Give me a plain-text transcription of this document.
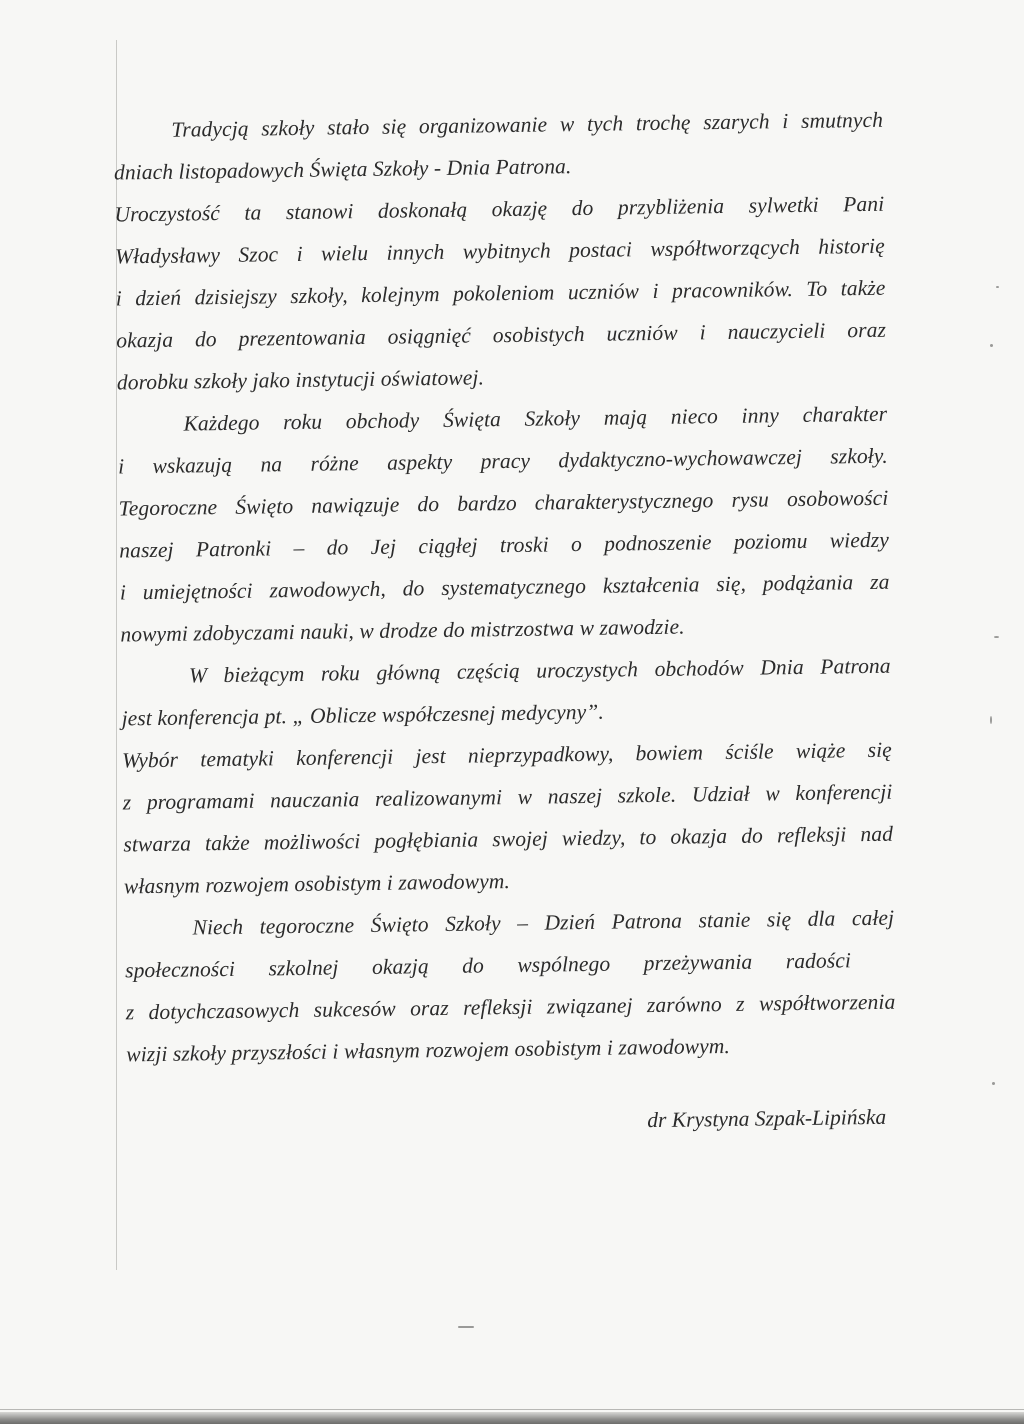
Tradycją szkoły stało się organizowanie w tych trochę szarych i smutnych
dniach listopadowych Święta Szkoły - Dnia Patrona.
Uroczystość ta stanowi doskonałą okazję do przybliżenia sylwetki Pani
Władysławy Szoc i wielu innych wybitnych postaci współtworzących historię
i dzień dzisiejszy szkoły, kolejnym pokoleniom uczniów i pracowników. To także
okazja do prezentowania osiągnięć osobistych uczniów i nauczycieli oraz
dorobku szkoły jako instytucji oświatowej.
Każdego roku obchody Święta Szkoły mają nieco inny charakter
i wskazują na różne aspekty pracy dydaktyczno-wychowawczej szkoły.
Tegoroczne Święto nawiązuje do bardzo charakterystycznego rysu osobowości
naszej Patronki – do Jej ciągłej troski o podnoszenie poziomu wiedzy
i umiejętności zawodowych, do systematycznego kształcenia się, podążania za
nowymi zdobyczami nauki, w drodze do mistrzostwa w zawodzie.
W bieżącym roku główną częścią uroczystych obchodów Dnia Patrona
jest konferencja pt. „ Oblicze współczesnej medycyny”.
Wybór tematyki konferencji jest nieprzypadkowy, bowiem ściśle wiąże się
z programami nauczania realizowanymi w naszej szkole. Udział w konferencji
stwarza także możliwości pogłębiania swojej wiedzy, to okazja do refleksji nad
własnym rozwojem osobistym i zawodowym.
Niech tegoroczne Święto Szkoły – Dzień Patrona stanie się dla całej
społeczności szkolnej okazją do wspólnego przeżywania radości
z dotychczasowych sukcesów oraz refleksji związanej zarówno z współtworzenia
wizji szkoły przyszłości i własnym rozwojem osobistym i zawodowym.
dr Krystyna Szpak-Lipińska
